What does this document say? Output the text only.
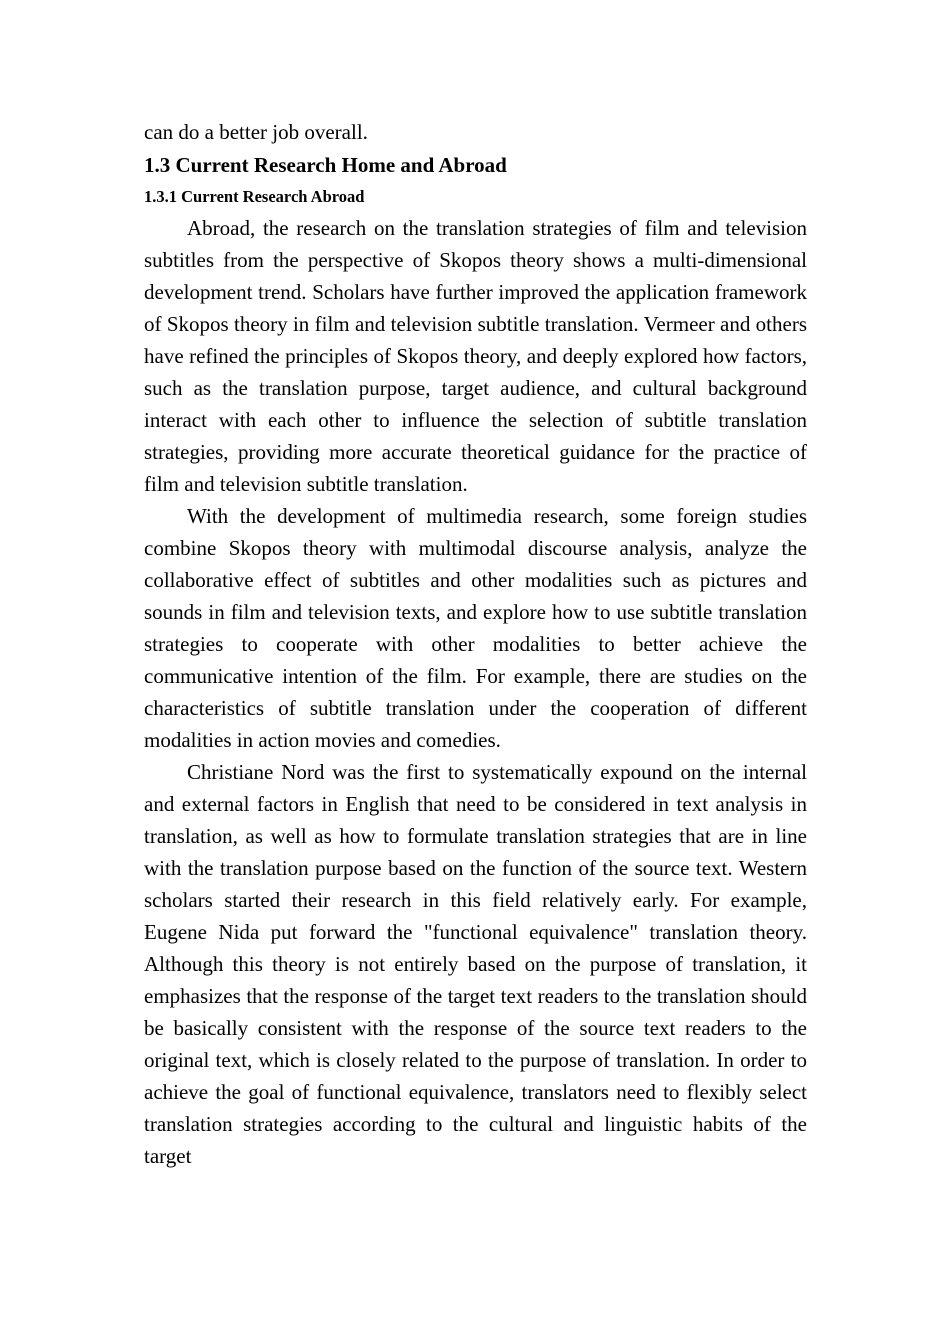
can do a better job overall.

1.3 Current Research Home and Abroad
1.3.1 Current Research Abroad

Abroad, the research on the translation strategies of film and television subtitles from the perspective of Skopos theory shows a multi-dimensional development trend. Scholars have further improved the application framework of Skopos theory in film and television subtitle translation. Vermeer and others have refined the principles of Skopos theory, and deeply explored how factors, such as the translation purpose, target audience, and cultural background interact with each other to influence the selection of subtitle translation strategies, providing more accurate theoretical guidance for the practice of film and television subtitle translation.

With the development of multimedia research, some foreign studies combine Skopos theory with multimodal discourse analysis, analyze the collaborative effect of subtitles and other modalities such as pictures and sounds in film and television texts, and explore how to use subtitle translation strategies to cooperate with other modalities to better achieve the communicative intention of the film. For example, there are studies on the characteristics of subtitle translation under the cooperation of different modalities in action movies and comedies.

Christiane Nord was the first to systematically expound on the internal and external factors in English that need to be considered in text analysis in translation, as well as how to formulate translation strategies that are in line with the translation purpose based on the function of the source text. Western scholars started their research in this field relatively early. For example, Eugene Nida put forward the "functional equivalence" translation theory. Although this theory is not entirely based on the purpose of translation, it emphasizes that the response of the target text readers to the translation should be basically consistent with the response of the source text readers to the original text, which is closely related to the purpose of translation. In order to achieve the goal of functional equivalence, translators need to flexibly select translation strategies according to the cultural and linguistic habits of the target
